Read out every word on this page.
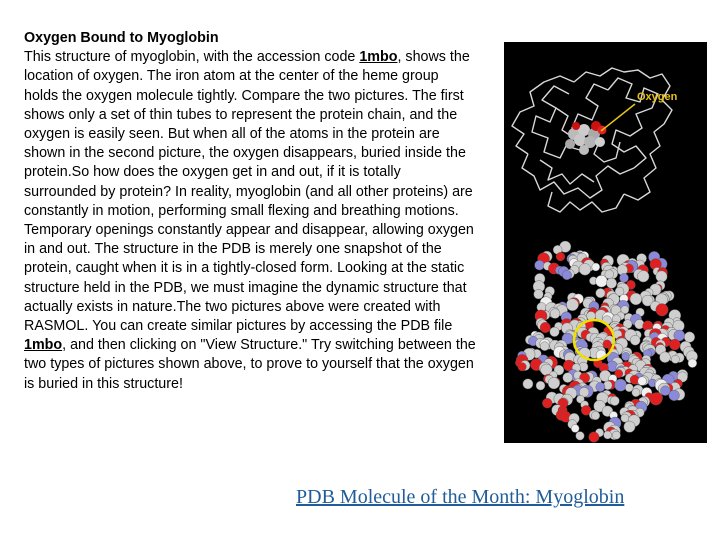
Oxygen Bound to Myoglobin
This structure of myoglobin, with the accession code 1mbo, shows the location of oxygen. The iron atom at the center of the heme group holds the oxygen molecule tightly. Compare the two pictures. The first shows only a set of thin tubes to represent the protein chain, and the oxygen is easily seen. But when all of the atoms in the protein are shown in the second picture, the oxygen disappears, buried inside the protein.So how does the oxygen get in and out, if it is totally surrounded by protein? In reality, myoglobin (and all other proteins) are constantly in motion, performing small flexing and breathing motions. Temporary openings constantly appear and disappear, allowing oxygen in and out. The structure in the PDB is merely one snapshot of the protein, caught when it is in a tightly-closed form. Looking at the static structure held in the PDB, we must imagine the dynamic structure that actually exists in nature.The two pictures above were created with RASMOL. You can create similar pictures by accessing the PDB file 1mbo, and then clicking on "View Structure." Try switching between the two types of pictures shown above, to prove to yourself that the oxygen is buried in this structure!
Oxygen
PDB Molecule of the Month: Myoglobin
